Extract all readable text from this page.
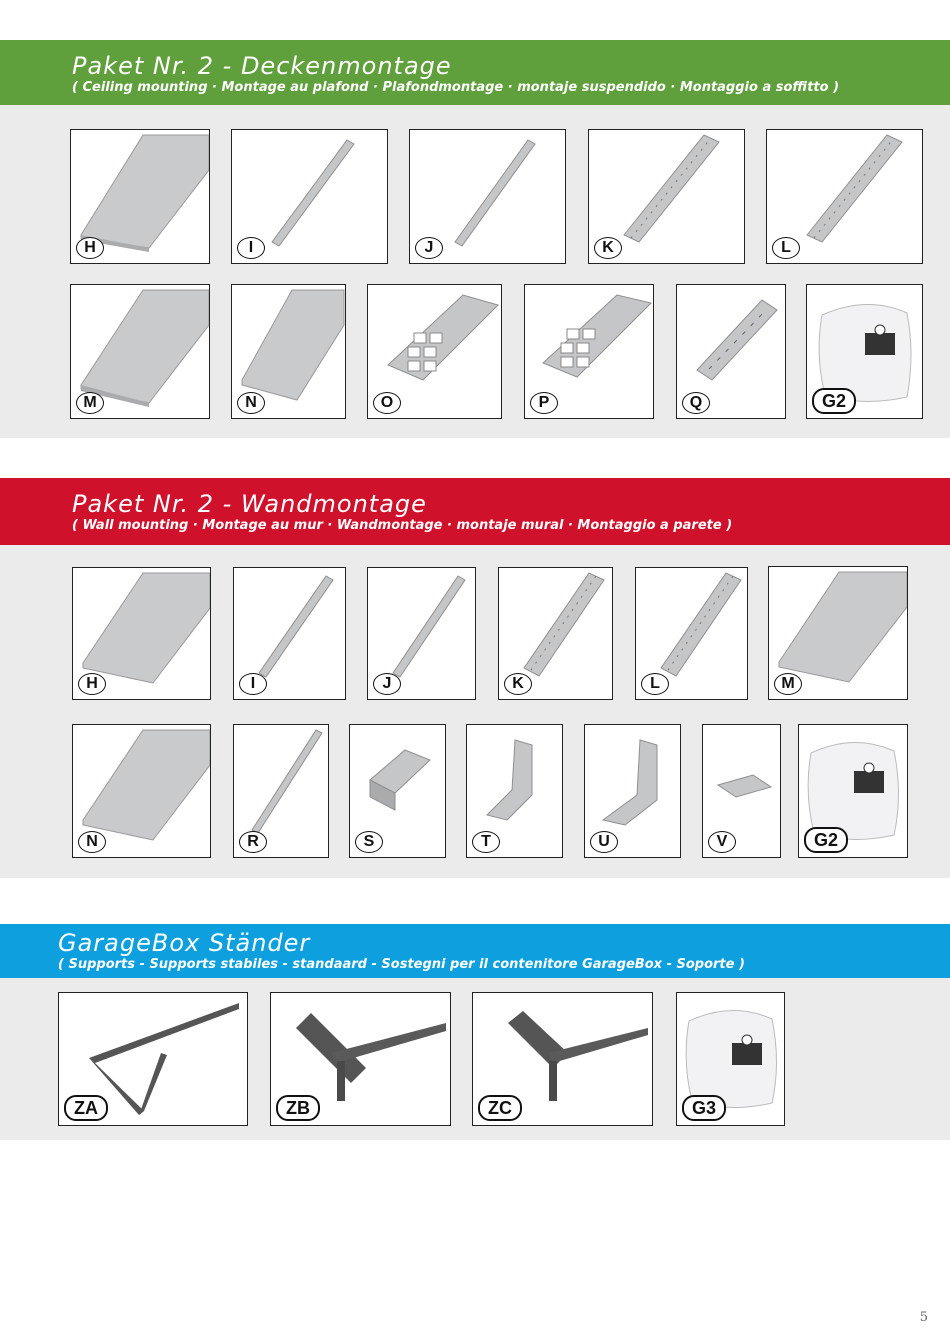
Paket Nr. 2 - Deckenmontage
( Ceiling mounting · Montage au plafond · Plafondmontage · montaje suspendido · Montaggio a soffitto )
H	I	J	K	L
M	N	O	P	Q	G2
Paket Nr. 2 - Wandmontage
( Wall mounting · Montage au mur · Wandmontage · montaje mural · Montaggio a parete )
H	I	J	K	L	M
N	R	S	T	U	V	G2
GarageBox Ständer
( Supports - Supports stabiles - standaard - Sostegni per il contenitore GarageBox - Soporte )
ZA	ZB	ZC	G3
5
